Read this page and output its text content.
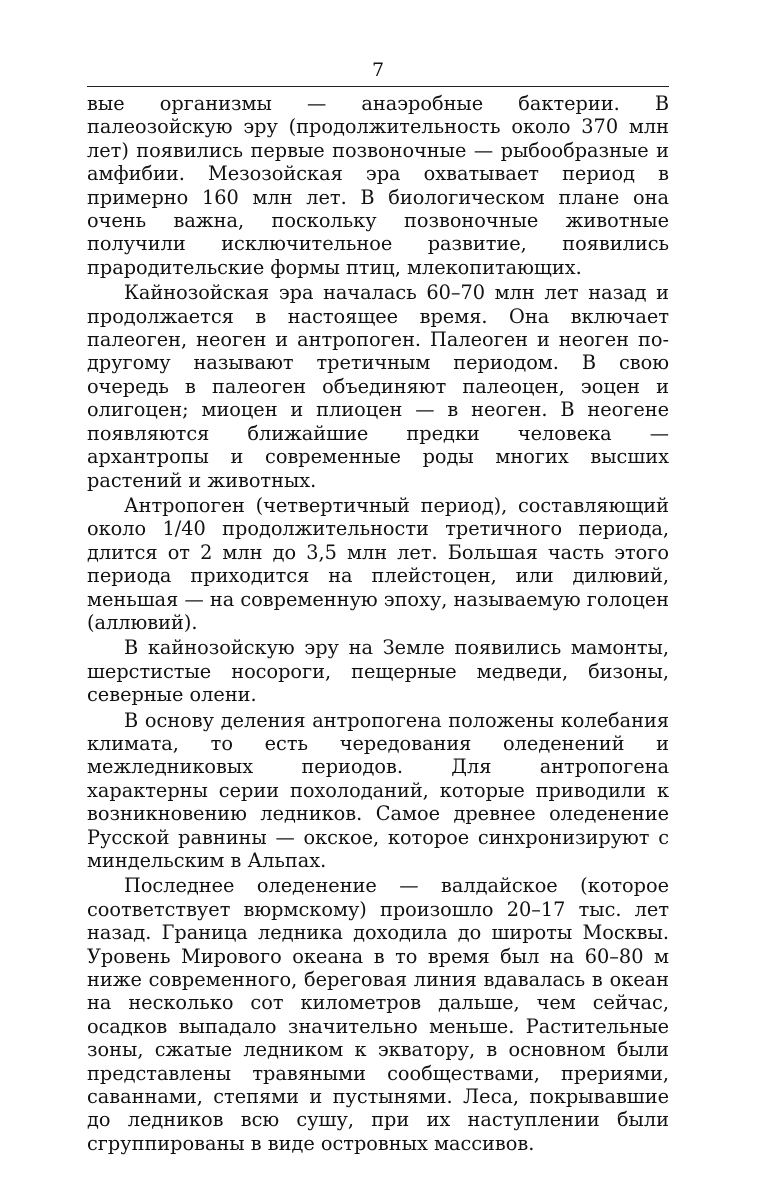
7

вые организмы — анаэробные бактерии. В палеозойскую эру (продолжительность около 370 млн лет) появились первые позвоночные — рыбообразные и амфибии. Мезозойская эра охватывает период в примерно 160 млн лет. В биологическом плане она очень важна, поскольку позвоночные животные получили исключительное развитие, появились прародительские формы птиц, млекопитающих.

Кайнозойская эра началась 60–70 млн лет назад и продолжается в настоящее время. Она включает палеоген, неоген и антропоген. Палеоген и неоген по-другому называют третичным периодом. В свою очередь в палеоген объединяют палеоцен, эоцен и олигоцен; миоцен и плиоцен — в неоген. В неогене появляются ближайшие предки человека — архантропы и современные роды многих высших растений и животных.

Антропоген (четвертичный период), составляющий около 1/40 продолжительности третичного периода, длится от 2 млн до 3,5 млн лет. Большая часть этого периода приходится на плейстоцен, или дилювий, меньшая — на современную эпоху, называемую голоцен (аллювий).

В кайнозойскую эру на Земле появились мамонты, шерстистые носороги, пещерные медведи, бизоны, северные олени.

В основу деления антропогена положены колебания климата, то есть чередования оледенений и межледниковых периодов. Для антропогена характерны серии похолоданий, которые приводили к возникновению ледников. Самое древнее оледенение Русской равнины — окское, которое синхронизируют с миндельским в Альпах.

Последнее оледенение — валдайское (которое соответствует вюрмскому) произошло 20–17 тыс. лет назад. Граница ледника доходила до широты Москвы. Уровень Мирового океана в то время был на 60–80 м ниже современного, береговая линия вдавалась в океан на несколько сот километров дальше, чем сейчас, осадков выпадало значительно меньше. Растительные зоны, сжатые ледником к экватору, в основном были представлены травяными сообществами, прериями, саваннами, степями и пустынями. Леса, покрывавшие до ледников всю сушу, при их наступлении были сгруппированы в виде островных массивов.
